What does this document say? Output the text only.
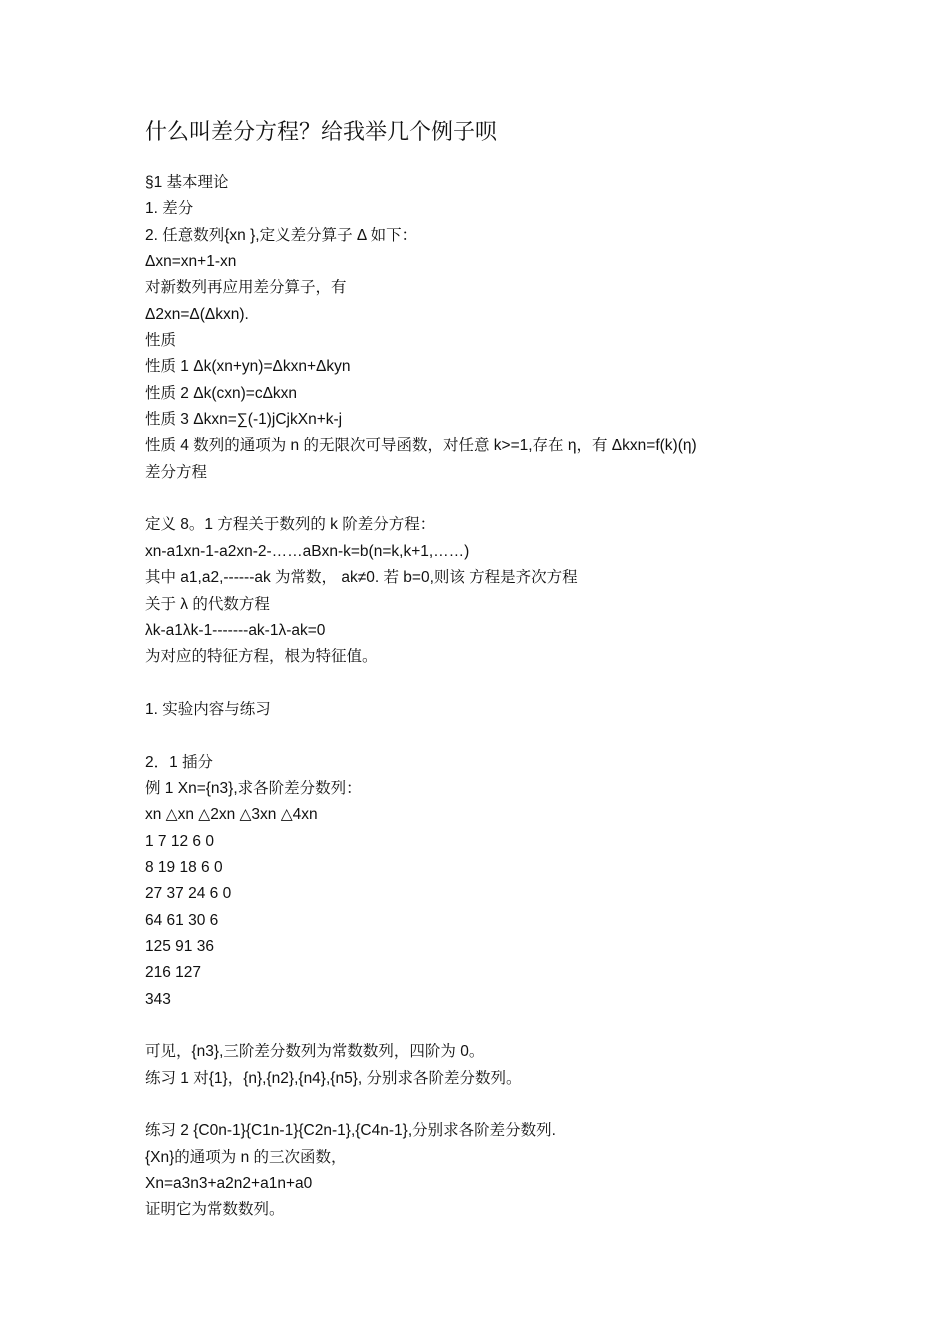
什么叫差分方程？给我举几个例子呗
§1 基本理论
1. 差分
2. 任意数列{xn },定义差分算子 Δ 如下：
Δxn=xn+1-xn
对新数列再应用差分算子，有
Δ2xn=Δ(Δkxn).
性质
性质 1 Δk(xn+yn)=Δkxn+Δkyn
性质 2 Δk(cxn)=cΔkxn
性质 3 Δkxn=∑(-1)jCjkXn+k-j
性质 4 数列的通项为 n 的无限次可导函数，对任意 k>=1,存在 η，有 Δkxn=f(k)(η)
差分方程
定义 8。1 方程关于数列的 k 阶差分方程：
xn-a1xn-1-a2xn-2-……aBxn-k=b(n=k,k+1,……)
其中 a1,a2,------ak 为常数， ak≠0. 若 b=0,则该 方程是齐次方程
关于 λ 的代数方程
λk-a1λk-1-------ak-1λ-ak=0
为对应的特征方程，根为特征值。
1. 实验内容与练习
2．1 插分
例 1 Xn={n3},求各阶差分数列：
xn △xn △2xn △3xn △4xn
1 7 12 6 0
8 19 18 6 0
27 37 24 6 0
64 61 30 6
125 91 36
216 127
343
可见，{n3},三阶差分数列为常数数列，四阶为 0。
练习 1 对{1}，{n},{n2},{n4},{n5}, 分别求各阶差分数列。
练习 2 {C0n-1}{C1n-1}{C2n-1},{C4n-1},分别求各阶差分数列.
{Xn}的通项为 n 的三次函数，
Xn=a3n3+a2n2+a1n+a0
证明它为常数数列。
